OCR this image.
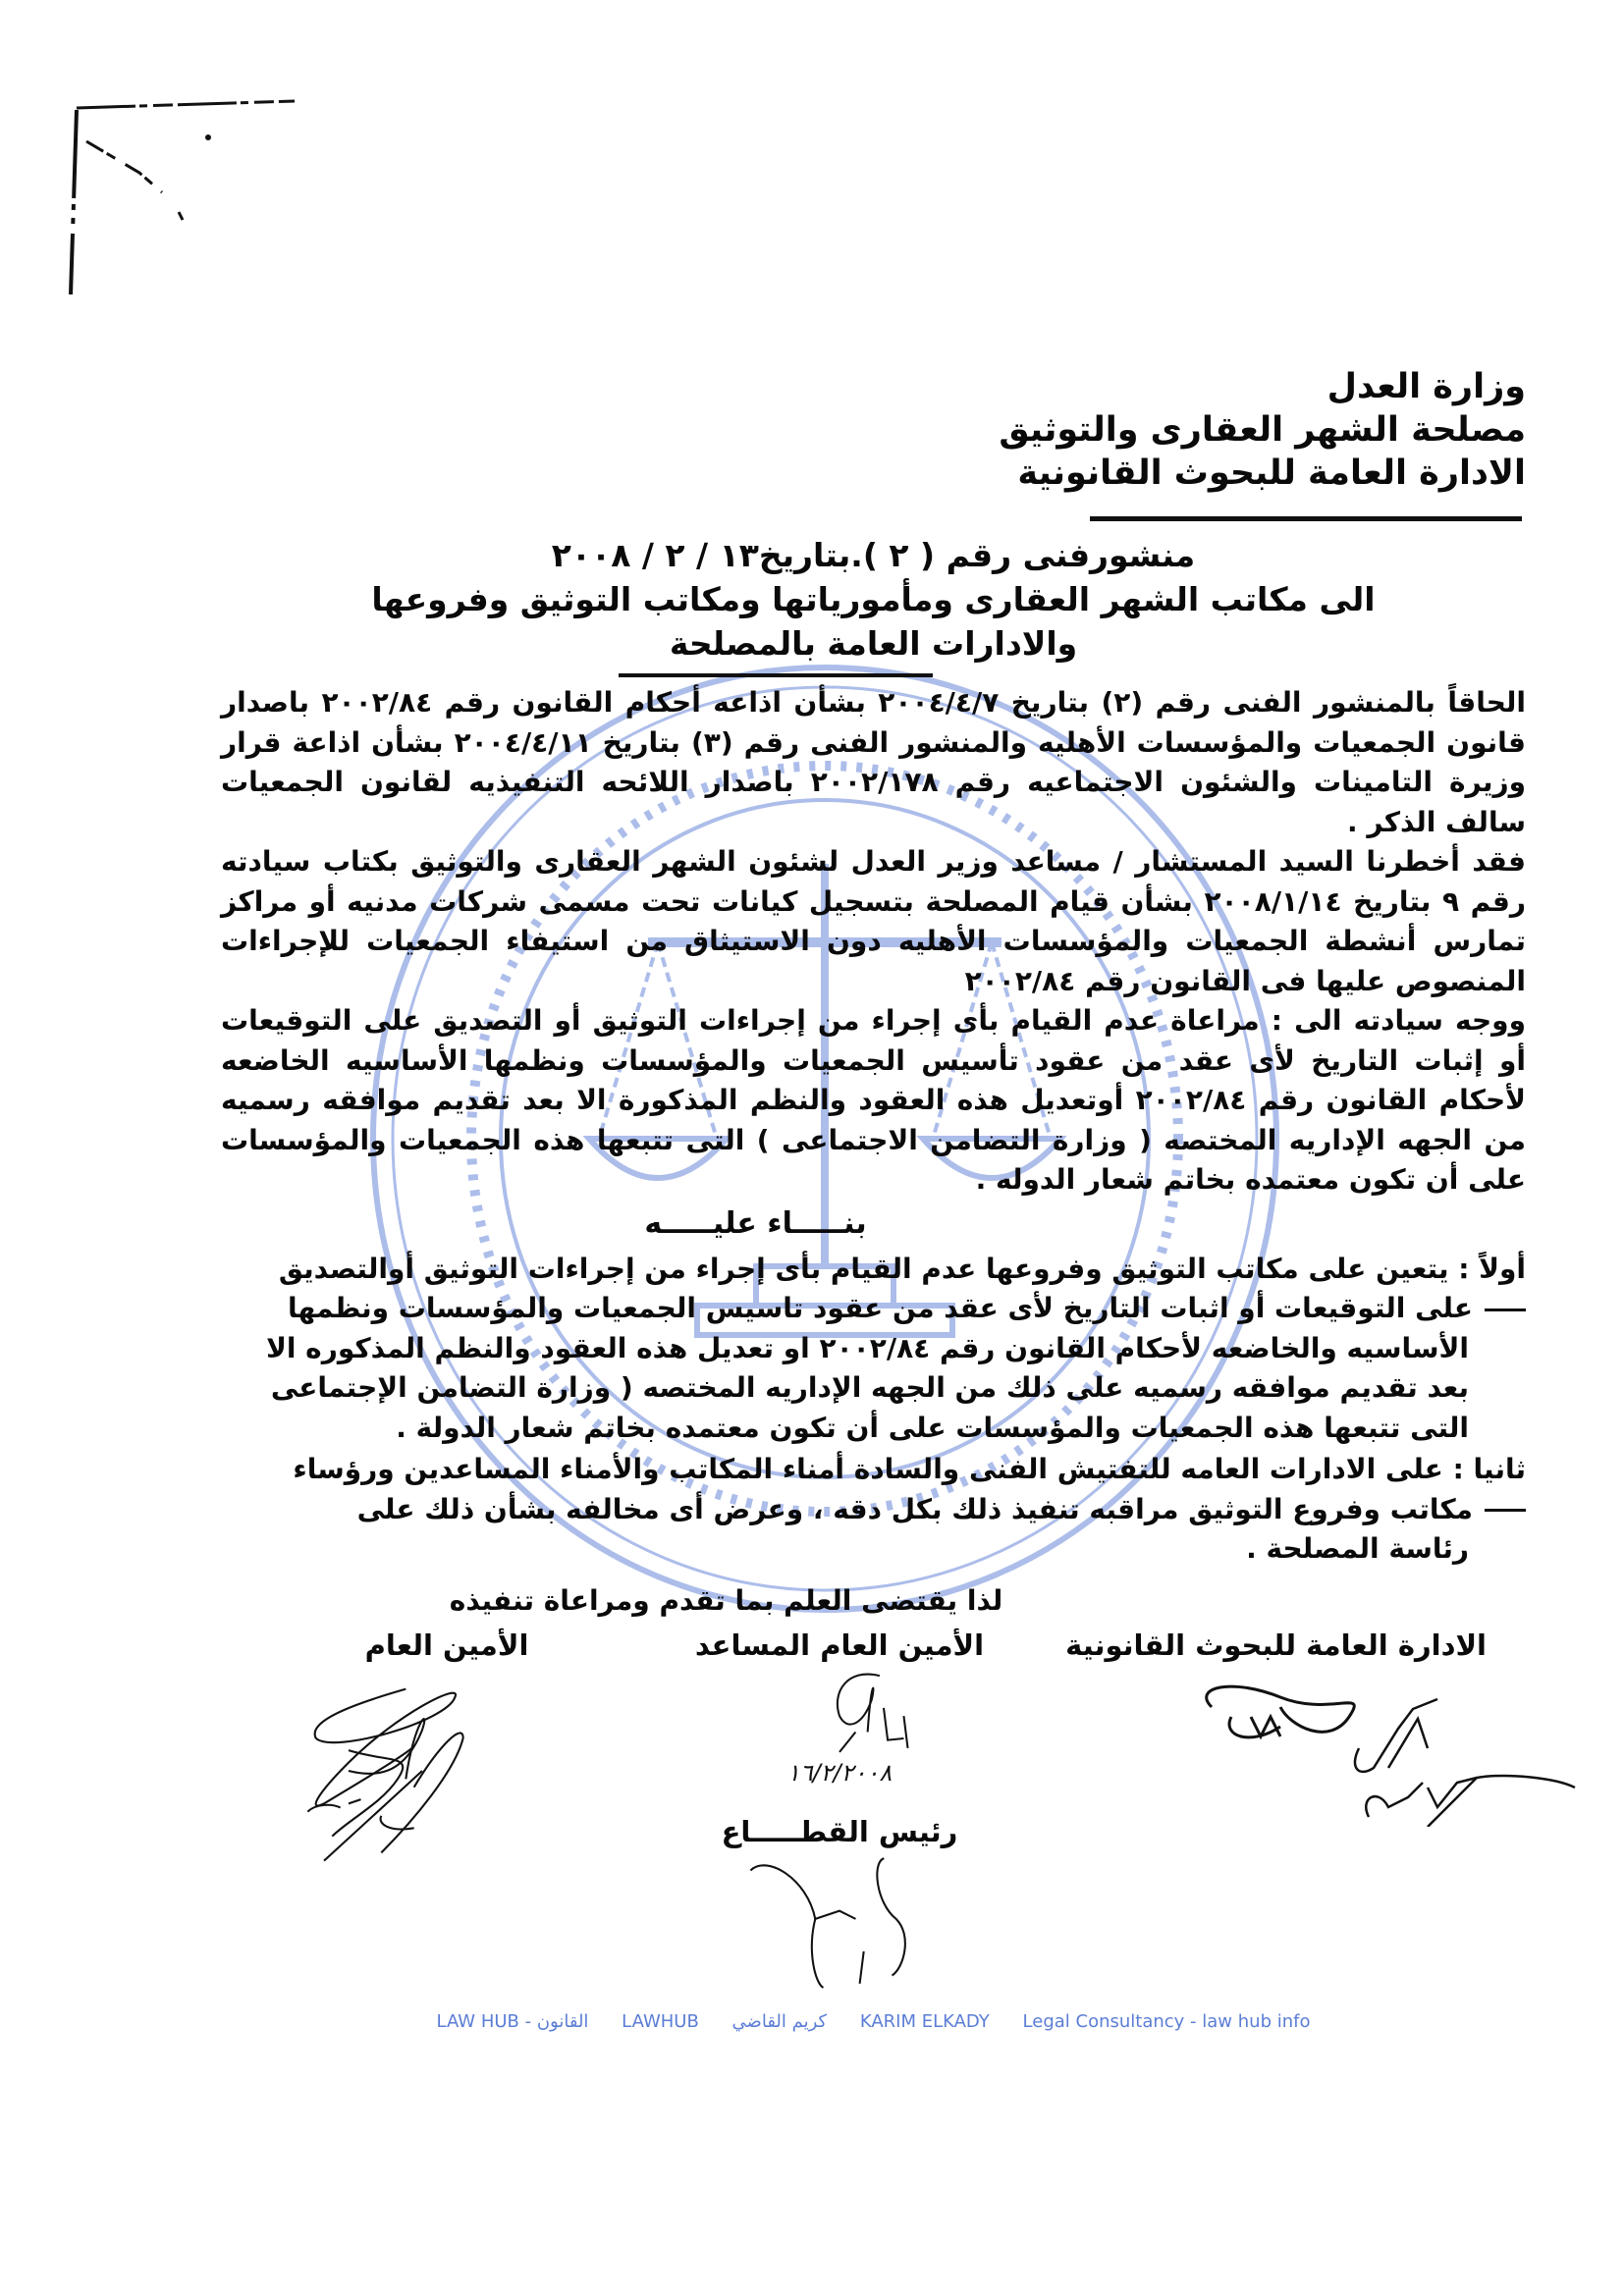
وزارة العدل
مصلحة الشهر العقارى والتوثيق
الادارة العامة للبحوث القانونية
منشورفنى رقم ( ٢ ).بتاريخ١٣ / ٢ / ٢٠٠٨
الى مكاتب الشهر العقارى ومأمورياتها ومكاتب التوثيق وفروعها
والادارات العامة بالمصلحة

الحاقاً بالمنشور الفنى رقم (٢) بتاريخ ٢٠٠٤/٤/٧ بشأن اذاعه أحكام القانون رقم ٢٠٠٢/٨٤ باصدار قانون الجمعيات والمؤسسات الأهليه والمنشور الفنى رقم (٣) بتاريخ ٢٠٠٤/٤/١١ بشأن اذاعة قرار وزيرة التامينات والشئون الاجتماعيه رقم ٢٠٠٢/١٧٨ باصدار اللائحه التنفيذيه لقانون الجمعيات سالف الذكر .

فقد أخطرنا السيد المستشار / مساعد وزير العدل لشئون الشهر العقارى والتوثيق بكتاب سيادته رقم ٩ بتاريخ ٢٠٠٨/١/١٤ بشأن قيام المصلحة بتسجيل كيانات تحت مسمى شركات مدنيه أو مراكز تمارس أنشطة الجمعيات والمؤسسات الأهليه دون الاستيثاق من استيفاء الجمعيات للإجراءات المنصوص عليها فى القانون رقم ٢٠٠٢/٨٤

ووجه سيادته الى : مراعاة عدم القيام بأى إجراء من إجراءات التوثيق أو التصديق على التوقيعات أو إثبات التاريخ لأى عقد من عقود تأسيس الجمعيات والمؤسسات ونظمها الأساسيه الخاضعه لأحكام القانون رقم ٢٠٠٢/٨٤ أوتعديل هذه العقود والنظم المذكورة الا بعد تقديم موافقه رسميه من الجهه الإداريه المختصه ( وزارة التضامن الاجتماعى ) التى تتبعها هذه الجمعيات والمؤسسات على أن تكون معتمده بخاتم شعار الدوله .

بنـــــاء عليـــــه
أولاً : يتعين على مكاتب التوثيق وفروعها عدم القيام بأى إجراء من إجراءات التوثيق أوالتصديق
على التوقيعات أو اثبات التاريخ لأى عقد من عقود تاسيس الجمعيات والمؤسسات ونظمها
الأساسيه والخاضعه لأحكام القانون رقم ٢٠٠٢/٨٤ او تعديل هذه العقود والنظم المذكوره الا
بعد تقديم موافقه رسميه على ذلك من الجهه الإداريه المختصه ( وزارة التضامن الإجتماعى
التى تتبعها هذه الجمعيات والمؤسسات على أن تكون معتمده بخاتم شعار الدولة .
ثانيا : على الادارات العامه للتفتيش الفنى والسادة أمناء المكاتب والأمناء المساعدين ورؤساء
مكاتب وفروع التوثيق مراقبه تنفيذ ذلك بكل دقه ، وعرض أى مخالفه بشأن ذلك على
رئاسة المصلحة .
لذا يقتضى العلم بما تقدم ومراعاة تنفيذه
الادارة العامة للبحوث القانونية
الأمين العام المساعد
١٦/٢/٢٠٠٨
الأمين العام
رئيس القطـــــاع
LAW HUB - القانون LAWHUB كريم القاضي KARIM ELKADY Legal Consultancy - law hub info
